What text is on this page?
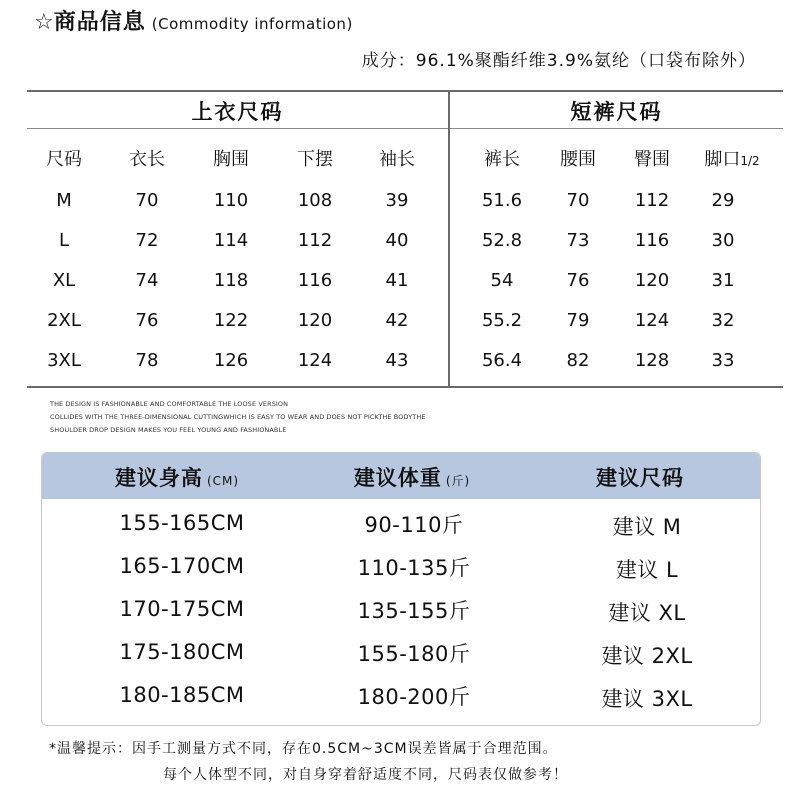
☆ 商品信息 (Commodity information)
成分：96.1%聚酯纤维3.9%氨纶（口袋布除外）
上衣尺码	短裤尺码
尺码	衣长	胸围	下摆	袖长	裤长	腰围	臀围	脚口1/2
M	70	110	108	39	51.6	70	112	29
L	72	114	112	40	52.8	73	116	30
XL	74	118	116	41	54	76	120	31
2XL	76	122	120	42	55.2	79	124	32
3XL	78	126	124	43	56.4	82	128	33
THE DESIGN IS FASHIONABLE AND COMFORTABLE THE LOOSE VERSION
COLLIDES WITH THE THREE-DIMENSIONAL CUTTINGWHICH IS EASY TO WEAR AND DOES NOT PICKTHE BODYTHE
SHOULDER DROP DESIGN MAKES YOU FEEL YOUNG AND FASHIONABLE
建议身高 (CM)	建议体重 (斤)	建议尺码
155-165CM	90-110斤	建议 M
165-170CM	110-135斤	建议 L
170-175CM	135-155斤	建议 XL
175-180CM	155-180斤	建议 2XL
180-185CM	180-200斤	建议 3XL
*温馨提示：因手工测量方式不同，存在0.5CM~3CM误差皆属于合理范围。
每个人体型不同，对自身穿着舒适度不同，尺码表仅做参考！
